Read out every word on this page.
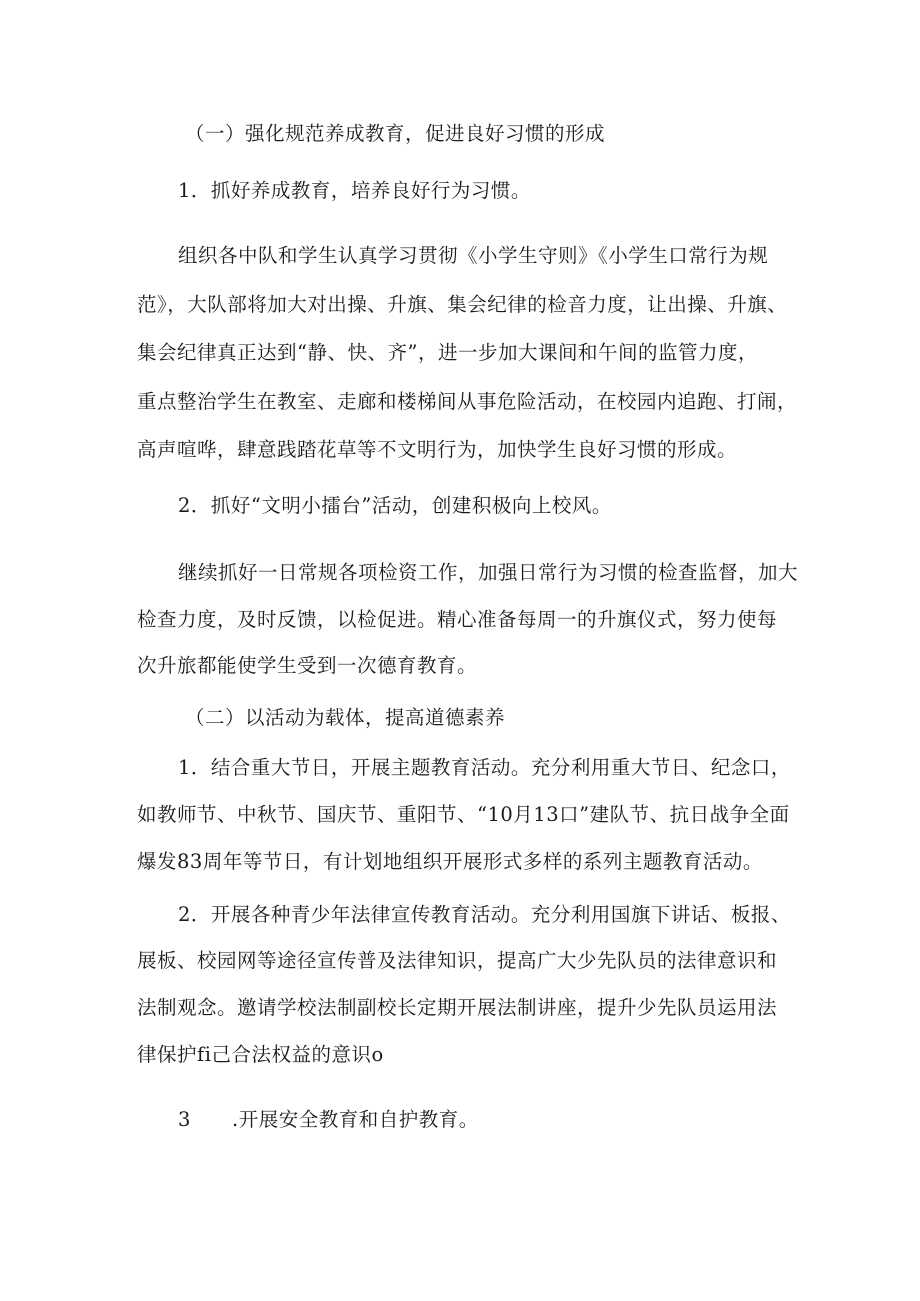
（一）强化规范养成教育，促进良好习惯的形成
1．抓好养成教育，培养良好行为习惯。
组织各中队和学生认真学习贯彻《小学生守则》《小学生口常行为规
范》，大队部将加大对出操、升旗、集会纪律的检音力度，让出操、升旗、
集会纪律真正达到“静、快、齐”，进一步加大课间和午间的监管力度，
重点整治学生在教室、走廊和楼梯间从事危险活动，在校园内追跑、打闹，
高声喧哗，肆意践踏花草等不文明行为，加快学生良好习惯的形成。
2．抓好“文明小擂台”活动，创建积极向上校风。
继续抓好一日常规各项检资工作，加强日常行为习惯的检查监督，加大
检查力度，及时反馈，以检促进。精心准备每周一的升旗仪式，努力使每
次升旅都能使学生受到一次德育教育。
（二）以活动为载体，提高道德素养
1．结合重大节日，开展主题教育活动。充分利用重大节日、纪念口，
如教师节、中秋节、国庆节、重阳节、“10月13口”建队节、抗日战争全面
爆发83周年等节日，有计划地组织开展形式多样的系列主题教育活动。
2．开展各种青少年法律宣传教育活动。充分利用国旗下讲话、板报、
展板、校园网等途径宣传普及法律知识，提高广大少先队员的法律意识和
法制观念。邀请学校法制副校长定期开展法制讲座，提升少先队员运用法
律保护fi己合法权益的意识o
3 .开展安全教育和自护教育。
